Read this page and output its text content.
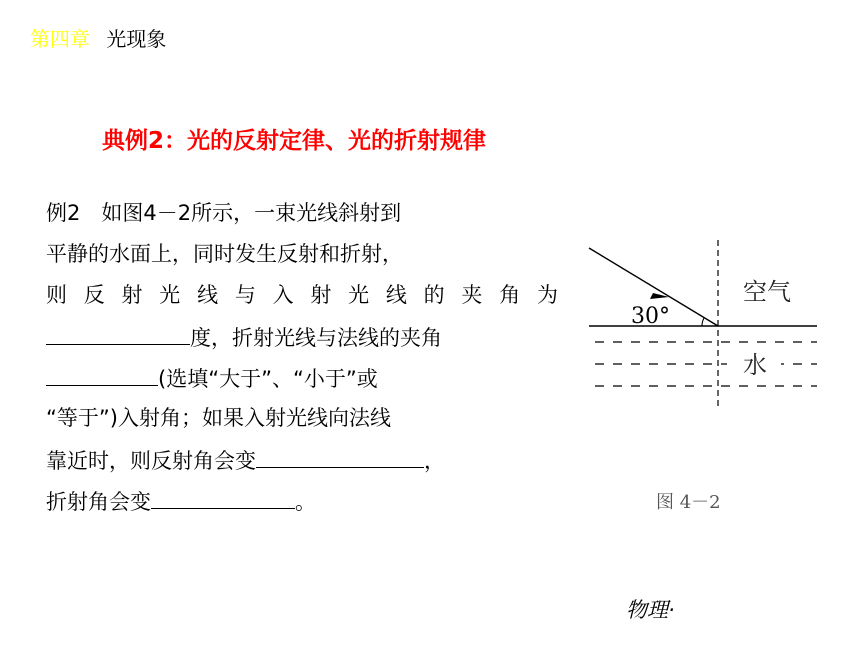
第四章 光现象
典例2：光的反射定律、光的折射规律
例2　如图4－2所示，一束光线斜射到
平静的水面上，同时发生反射和折射，
则 反 射 光 线 与 入 射 光 线 的 夹 角 为
度，折射光线与法线的夹角
(选填“大于”、“小于”或
“等于”)入射角；如果入射光线向法线
靠近时，则反射角会变	，
折射角会变	。
30°
空气
水
图 4－2
物理·
